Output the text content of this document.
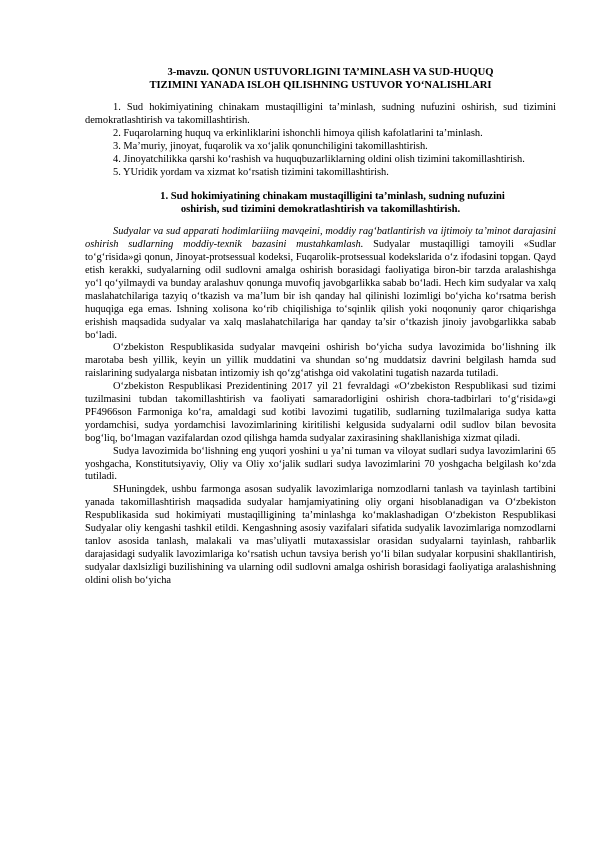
3-mavzu. QONUN USTUVORLIGINI TA’MINLASH VA SUD-HUQUQ
TIZIMINI YANADA ISLOH QILISHNING USTUVOR YO‘NALISHLARI

1. Sud hokimiyatining chinakam mustaqilligini ta’minlash, sudning nufuzini oshirish, sud tizimini demokratlashtirish va takomillashtirish.

2. Fuqarolarning huquq va erkinliklarini ishonchli himoya qilish kafolatlarini ta’minlash.

3. Ma’muriy, jinoyat, fuqarolik va xo‘jalik qonunchiligini takomillashtirish.

4. Jinoyatchilikka qarshi ko‘rashish va huquqbuzarliklarning oldini olish tizimini takomillashtirish.

5. YUridik yordam va xizmat ko‘rsatish tizimini takomillashtirish.

1. Sud hokimiyatining chinakam mustaqilligini ta’minlash, sudning nufuzini
oshirish, sud tizimini demokratlashtirish va takomillashtirish.

Sudyalar va sud apparati hodimlariiing mavqeini, moddiy rag‘batlantirish va ijtimoiy ta’minot darajasini oshirish sudlarning moddiy-texnik bazasini mustahkamlash. Sudyalar mustaqilligi tamoyili «Sudlar to‘g‘risida»gi qonun, Jinoyat-protsessual kodeksi, Fuqarolik-protsessual kodekslarida o‘z ifodasini topgan. Qayd etish kerakki, sudyalarning odil sudlovni amalga oshirish borasidagi faoliyatiga biron-bir tarzda aralashishga yo‘l qo‘yilmaydi va bunday aralashuv qonunga muvofiq javobgarlikka sabab bo‘ladi. Hech kim sudyalar va xalq maslahatchilariga tazyiq o‘tkazish va ma’lum bir ish qanday hal qilinishi lozimligi bo‘yicha ko‘rsatma berish huquqiga ega emas. Ishning xolisona ko‘rib chiqilishiga to‘sqinlik qilish yoki noqonuniy qaror chiqarishga erishish maqsadida sudyalar va xalq maslahatchilariga har qanday ta’sir o‘tkazish jinoiy javobgarlikka sabab bo‘ladi.

O‘zbekiston Respublikasida sudyalar mavqeini oshirish bo‘yicha sudya lavozimida bo‘lishning ilk marotaba besh yillik, keyin un yillik muddatini va shundan so‘ng muddatsiz davrini belgilash hamda sud raislarining sudyalarga nisbatan intizomiy ish qo‘zg‘atishga oid vakolatini tugatish nazarda tutiladi.

O‘zbekiston Respublikasi Prezidentining 2017 yil 21 fevraldagi «O‘zbekiston Respublikasi sud tizimi tuzilmasini tubdan takomillashtirish va faoliyati samaradorligini oshirish chora-tadbirlari to‘g‘risida»gi PF4966son Farmoniga ko‘ra, amaldagi sud kotibi lavozimi tugatilib, sudlarning tuzilmalariga sudya katta yordamchisi, sudya yordamchisi lavozimlarining kiritilishi kelgusida sudyalarni odil sudlov bilan bevosita bog‘liq, bo‘lmagan vazifalardan ozod qilishga hamda sudyalar zaxirasining shakllanishiga xizmat qiladi.

Sudya lavozimida bo‘lishning eng yuqori yoshini u ya’ni tuman va viloyat sudlari sudya lavozimlarini 65 yoshgacha, Konstitutsiyaviy, Oliy va Oliy xo‘jalik sudlari sudya lavozimlarini 70 yoshgacha belgilash ko‘zda tutiladi.

SHuningdek, ushbu farmonga asosan sudyalik lavozimlariga nomzodlarni tanlash va tayinlash tartibini yanada takomillashtirish maqsadida sudyalar hamjamiyatining oliy organi hisoblanadigan va O‘zbekiston Respublikasida sud hokimiyati mustaqilligining ta’minlashga ko‘maklashadigan O‘zbekiston Respublikasi Sudyalar oliy kengashi tashkil etildi. Kengashning asosiy vazifalari sifatida sudyalik lavozimlariga nomzodlarni tanlov asosida tanlash, malakali va mas’uliyatli mutaxassislar orasidan sudyalarni tayinlash, rahbarlik darajasidagi sudyalik lavozimlariga ko‘rsatish uchun tavsiya berish yo‘li bilan sudyalar korpusini shakllantirish, sudyalar daxlsizligi buzilishining va ularning odil sudlovni amalga oshirish borasidagi faoliyatiga aralashishning oldini olish bo‘yicha
